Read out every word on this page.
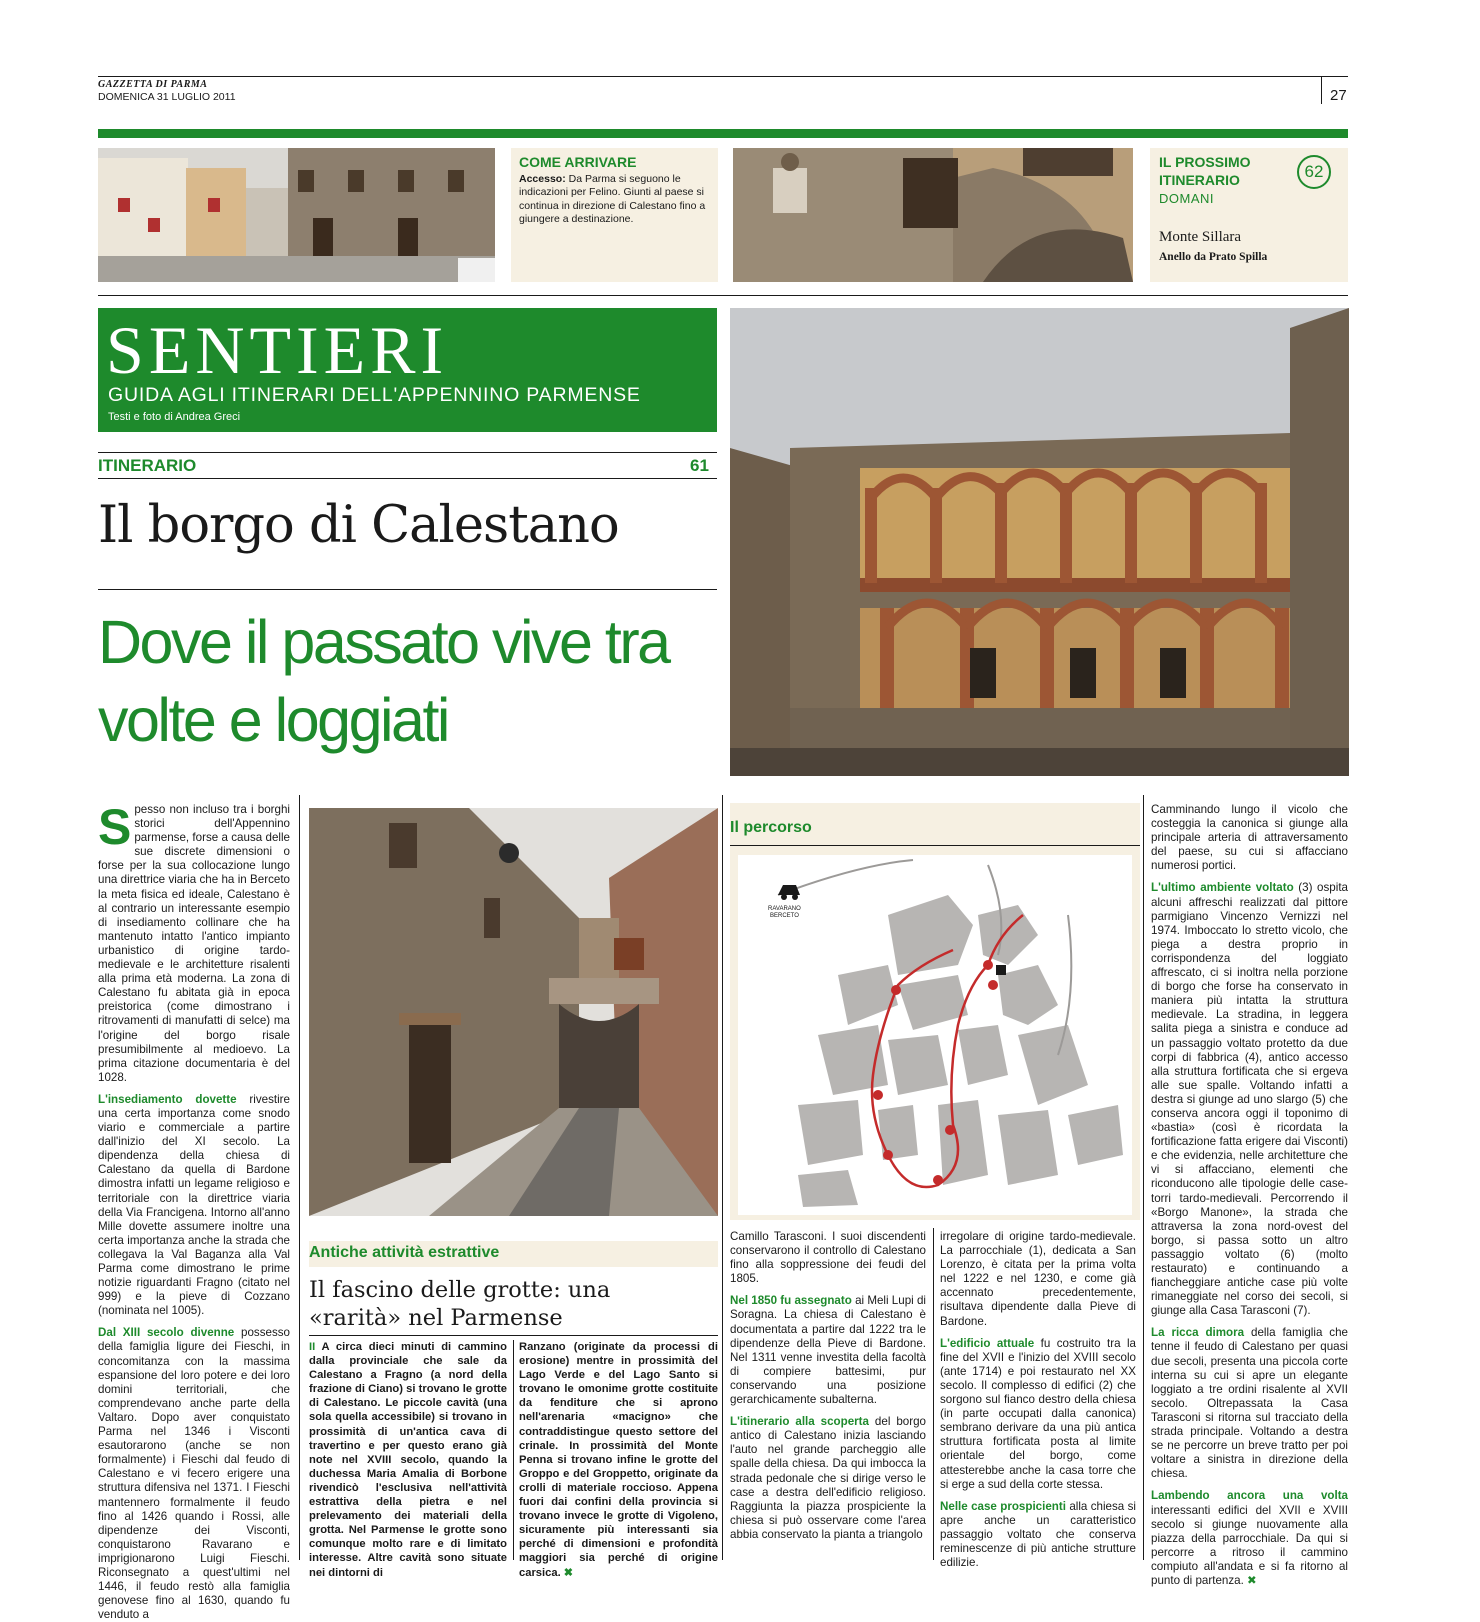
GAZZETTA DI PARMA
DOMENICA 31 LUGLIO 2011	27
COME ARRIVARE
Accesso: Da Parma si seguono le indicazioni per Felino. Giunti al paese si continua in direzione di Calestano fino a giungere a destinazione.
IL PROSSIMO
ITINERARIO
DOMANI
62
Monte Sillara
Anello da Prato Spilla
SENTIERI
GUIDA AGLI ITINERARI DELL'APPENNINO PARMENSE
Testi e foto di Andrea Greci
ITINERARIO	61
Il borgo di Calestano
Dove il passato vive tra volte e loggiati

S pesso non incluso tra i borghi storici dell'Appennino parmense, forse a causa delle sue discrete dimensioni o forse per la sua collocazione lungo una direttrice viaria che ha in Berceto la meta fisica ed ideale, Calestano è al contrario un interessante esempio di insediamento collinare che ha mantenuto intatto l'antico impianto urbanistico di origine tardo-medievale e le architetture risalenti alla prima età moderna. La zona di Calestano fu abitata già in epoca preistorica (come dimostrano i ritrovamenti di manufatti di selce) ma l'origine del borgo risale presumibilmente al medioevo. La prima citazione documentaria è del 1028.

L'insediamento dovette rivestire una certa importanza come snodo viario e commerciale a partire dall'inizio del XI secolo. La dipendenza della chiesa di Calestano da quella di Bardone dimostra infatti un legame religioso e territoriale con la direttrice viaria della Via Francigena. Intorno all'anno Mille dovette assumere inoltre una certa importanza anche la strada che collegava la Val Baganza alla Val Parma come dimostrano le prime notizie riguardanti Fragno (citato nel 999) e la pieve di Cozzano (nominata nel 1005).

Dal XIII secolo divenne possesso della famiglia ligure dei Fieschi, in concomitanza con la massima espansione del loro potere e dei loro domini territoriali, che comprendevano anche parte della Valtaro. Dopo aver conquistato Parma nel 1346 i Visconti esautorarono (anche se non formalmente) i Fieschi dal feudo di Calestano e vi fecero erigere una struttura difensiva nel 1371. I Fieschi mantennero formalmente il feudo fino al 1426 quando i Rossi, alle dipendenze dei Visconti, conquistarono Ravarano e imprigionarono Luigi Fieschi. Riconsegnato a quest'ultimi nel 1446, il feudo restò alla famiglia genovese fino al 1630, quando fu venduto a

Antiche attività estrattive
Il fascino delle grotte: una «rarità» nel Parmense
II A circa dieci minuti di cammino dalla provinciale che sale da Calestano a Fragno (a nord della frazione di Ciano) si trovano le grotte di Calestano. Le piccole cavità (una sola quella accessibile) si trovano in prossimità di un'antica cava di travertino e per questo erano già note nel XVIII secolo, quando la duchessa Maria Amalia di Borbone rivendicò l'esclusiva nell'attività estrattiva della pietra e nel prelevamento dei materiali della grotta. Nel Parmense le grotte sono comunque molto rare e di limitato interesse. Altre cavità sono situate nei dintorni di
Ranzano (originate da processi di erosione) mentre in prossimità del Lago Verde e del Lago Santo si trovano le omonime grotte costituite da fenditure che si aprono nell'arenaria «macigno» che contraddistingue questo settore del crinale. In prossimità del Monte Penna si trovano infine le grotte del Groppo e del Groppetto, originate da crolli di materiale roccioso. Appena fuori dai confini della provincia si trovano invece le grotte di Vigoleno, sicuramente più interessanti sia perché di dimensioni e profondità maggiori sia perché di origine carsica. ✖
Il percorso
RAVARANO
BERCETO

Camillo Tarasconi. I suoi discendenti conservarono il controllo di Calestano fino alla soppressione dei feudi del 1805.

Nel 1850 fu assegnato ai Meli Lupi di Soragna. La chiesa di Calestano è documentata a partire dal 1222 tra le dipendenze della Pieve di Bardone. Nel 1311 venne investita della facoltà di compiere battesimi, pur conservando una posizione gerarchicamente subalterna.

L'itinerario alla scoperta del borgo antico di Calestano inizia lasciando l'auto nel grande parcheggio alle spalle della chiesa. Da qui imbocca la strada pedonale che si dirige verso le case a destra dell'edificio religioso. Raggiunta la piazza prospiciente la chiesa si può osservare come l'area abbia conservato la pianta a triangolo

irregolare di origine tardo-medievale. La parrocchiale (1), dedicata a San Lorenzo, è citata per la prima volta nel 1222 e nel 1230, e come già accennato precedentemente, risultava dipendente dalla Pieve di Bardone.

L'edificio attuale fu costruito tra la fine del XVII e l'inizio del XVIII secolo (ante 1714) e poi restaurato nel XX secolo. Il complesso di edifici (2) che sorgono sul fianco destro della chiesa (in parte occupati dalla canonica) sembrano derivare da una più antica struttura fortificata posta al limite orientale del borgo, come attesterebbe anche la casa torre che si erge a sud della corte stessa.

Nelle case prospicienti alla chiesa si apre anche un caratteristico passaggio voltato che conserva reminescenze di più antiche strutture edilizie.

Camminando lungo il vicolo che costeggia la canonica si giunge alla principale arteria di attraversamento del paese, su cui si affacciano numerosi portici.

L'ultimo ambiente voltato (3) ospita alcuni affreschi realizzati dal pittore parmigiano Vincenzo Vernizzi nel 1974. Imboccato lo stretto vicolo, che piega a destra proprio in corrispondenza del loggiato affrescato, ci si inoltra nella porzione di borgo che forse ha conservato in maniera più intatta la struttura medievale. La stradina, in leggera salita piega a sinistra e conduce ad un passaggio voltato protetto da due corpi di fabbrica (4), antico accesso alla struttura fortificata che si ergeva alle sue spalle. Voltando infatti a destra si giunge ad uno slargo (5) che conserva ancora oggi il toponimo di «bastia» (così è ricordata la fortificazione fatta erigere dai Visconti) e che evidenzia, nelle architetture che vi si affacciano, elementi che riconducono alle tipologie delle case-torri tardo-medievali. Percorrendo il «Borgo Manone», la strada che attraversa la zona nord-ovest del borgo, si passa sotto un altro passaggio voltato (6) (molto restaurato) e continuando a fiancheggiare antiche case più volte rimaneggiate nel corso dei secoli, si giunge alla Casa Tarasconi (7).

La ricca dimora della famiglia che tenne il feudo di Calestano per quasi due secoli, presenta una piccola corte interna su cui si apre un elegante loggiato a tre ordini risalente al XVII secolo. Oltrepassata la Casa Tarasconi si ritorna sul tracciato della strada principale. Voltando a destra se ne percorre un breve tratto per poi voltare a sinistra in direzione della chiesa.

Lambendo ancora una volta interessanti edifici del XVII e XVIII secolo si giunge nuovamente alla piazza della parrocchiale. Da qui si percorre a ritroso il cammino compiuto all'andata e si fa ritorno al punto di partenza. ✖
